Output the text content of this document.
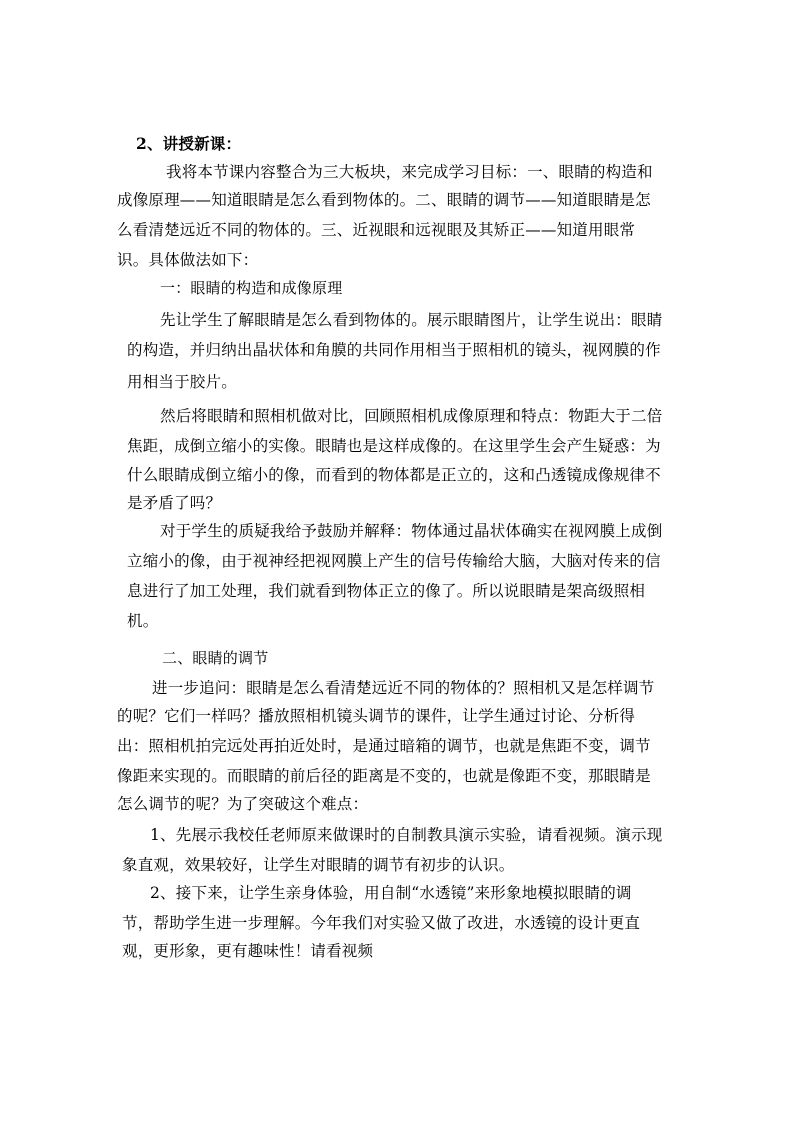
2、讲授新课：
我将本节课内容整合为三大板块，来完成学习目标：一、眼睛的构造和
成像原理——知道眼睛是怎么看到物体的。二、眼睛的调节——知道眼睛是怎
么看清楚远近不同的物体的。三、近视眼和远视眼及其矫正——知道用眼常
识。具体做法如下：
一：眼睛的构造和成像原理
先让学生了解眼睛是怎么看到物体的。展示眼睛图片，让学生说出：眼睛
的构造，并归纳出晶状体和角膜的共同作用相当于照相机的镜头，视网膜的作
用相当于胶片。
然后将眼睛和照相机做对比，回顾照相机成像原理和特点：物距大于二倍
焦距，成倒立缩小的实像。眼睛也是这样成像的。在这里学生会产生疑惑：为
什么眼睛成倒立缩小的像，而看到的物体都是正立的，这和凸透镜成像规律不
是矛盾了吗？
对于学生的质疑我给予鼓励并解释：物体通过晶状体确实在视网膜上成倒
立缩小的像，由于视神经把视网膜上产生的信号传输给大脑，大脑对传来的信
息进行了加工处理，我们就看到物体正立的像了。所以说眼睛是架高级照相
机。
二、眼睛的调节
进一步追问：眼睛是怎么看清楚远近不同的物体的？照相机又是怎样调节
的呢？它们一样吗？播放照相机镜头调节的课件，让学生通过讨论、分析得
出：照相机拍完远处再拍近处时，是通过暗箱的调节，也就是焦距不变，调节
像距来实现的。而眼睛的前后径的距离是不变的，也就是像距不变，那眼睛是
怎么调节的呢？为了突破这个难点：
1、先展示我校任老师原来做课时的自制教具演示实验，请看视频。演示现
象直观，效果较好，让学生对眼睛的调节有初步的认识。
2、接下来，让学生亲身体验，用自制“水透镜”来形象地模拟眼睛的调
节，帮助学生进一步理解。今年我们对实验又做了改进，水透镜的设计更直
观，更形象，更有趣味性！请看视频
